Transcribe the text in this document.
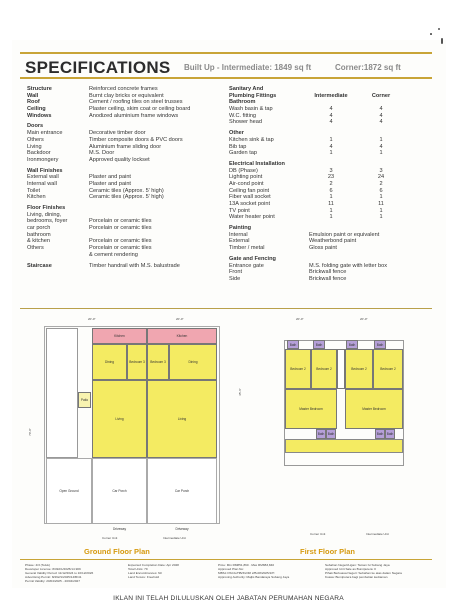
SPECIFICATIONS Built Up - Intermediate: 1849 sq ft	Corner:1872 sq ft
Structure	Reinforced concrete frames
Wall	Burnt clay bricks or equivalent
Roof	Cement / roofing tiles on steel trusses
Ceiling	Plaster ceiling, skim coat or ceiling board
Windows	Anodized aluminium frame windows
Doors
Main entrance	Decorative timber door
Others	Timber composite doors & PVC doors
Living	Aluminium frame sliding door
Backdoor	M.S. Door
Ironmongery	Approved quality lockset
Wall Finishes
External wall	Plaster and paint
Internal wall	Plaster and paint
Toilet	Ceramic tiles (Approx. 5' high)
Kitchen	Ceramic tiles (Approx. 5' high)
Floor Finishes
Living, dining,
bedrooms, foyer	Porcelain or ceramic tiles
car porch	Porcelain or ceramic tiles
bathroom
& kitchen	Porcelain or ceramic tiles
Others	Porcelain or ceramic tiles
& cement rendering
Staircase	Timber handrail with M.S. balustrade
Sanitary And
Plumbing Fittings	Intermediate	Corner
Bathroom
Wash basin & tap	4	4
W.C. fitting	4	4
Shower head	4	4
Other
Kitchen sink & tap	1	1
Bib tap	4	4
Garden tap	1	1
Electrical Installation
DB (Phase)	3	3
Lighting point	23	24
Air-cond point	2	2
Ceiling fan point	6	6
Fiber wall socket	1	1
13A socket point	11	11
TV point	1	1
Water heater point	1	1
Painting
Internal	Emulsion paint or equivalent
External	Weatherbond paint
Timber / metal	Gloss paint
Gate and Fencing
Entrance gate	M.S. folding gate with letter box
Front	Brickwall fence
Side	Brickwall fence
20'-0"	20'-0"
70'-0"
Patio
Kitchen	Kitchen
Dining	Bedroom 3	Bedroom 3	Dining
Living	Living
Open Ground	Car Porch	Car Porch
Driveway	Driveway
Corner Unit	Intermediate Unit
Ground Floor Plan
20'-0"	20'-0"
45'-6"
Bath	Bath	Bath	Bath
Bedroom 2	Bedroom 2	Bedroom 2	Bedroom 2
Master Bedroom	Master Bedroom
Bath	Bath	Bath	Bath
Corner Unit	Intermediate Unit
First Floor Plan
Phase: 4/3 (Teluk)
Developer License: 8/492/1/2025/14.909
General Validity Period: 11/12/2024 to 10/12/2026
Advertising Permit: 8/492/1/2025/14/B/41
Permit Validity: 20/04/2025 - 20/04/2027
Expected Completion Date: Apr 2028
Total Units: 79
Land Encumbrances: Nil
Land Tenure: Freehold
Price: Min RM851,860 · Max RM883,840
Approved Plan No:
MBSJ.OSC/L/HB/3/2/48 2/B-08/2025/1/H
Approving Authority: Majlis Bandaraya Subang Jaya
Sebahan Negeri/Ligan: Taman Ivi Subang Jaya
Approved Unit Sale as Bumiputera: 0
Pihak Berkuasa Negeri: Sebahan ke atas dalam Negara
Kuasa: Bumiputera bagi pembelian kediaman
IKLAN INI TELAH DILULUSKAN OLEH JABATAN PERUMAHAN NEGARA
